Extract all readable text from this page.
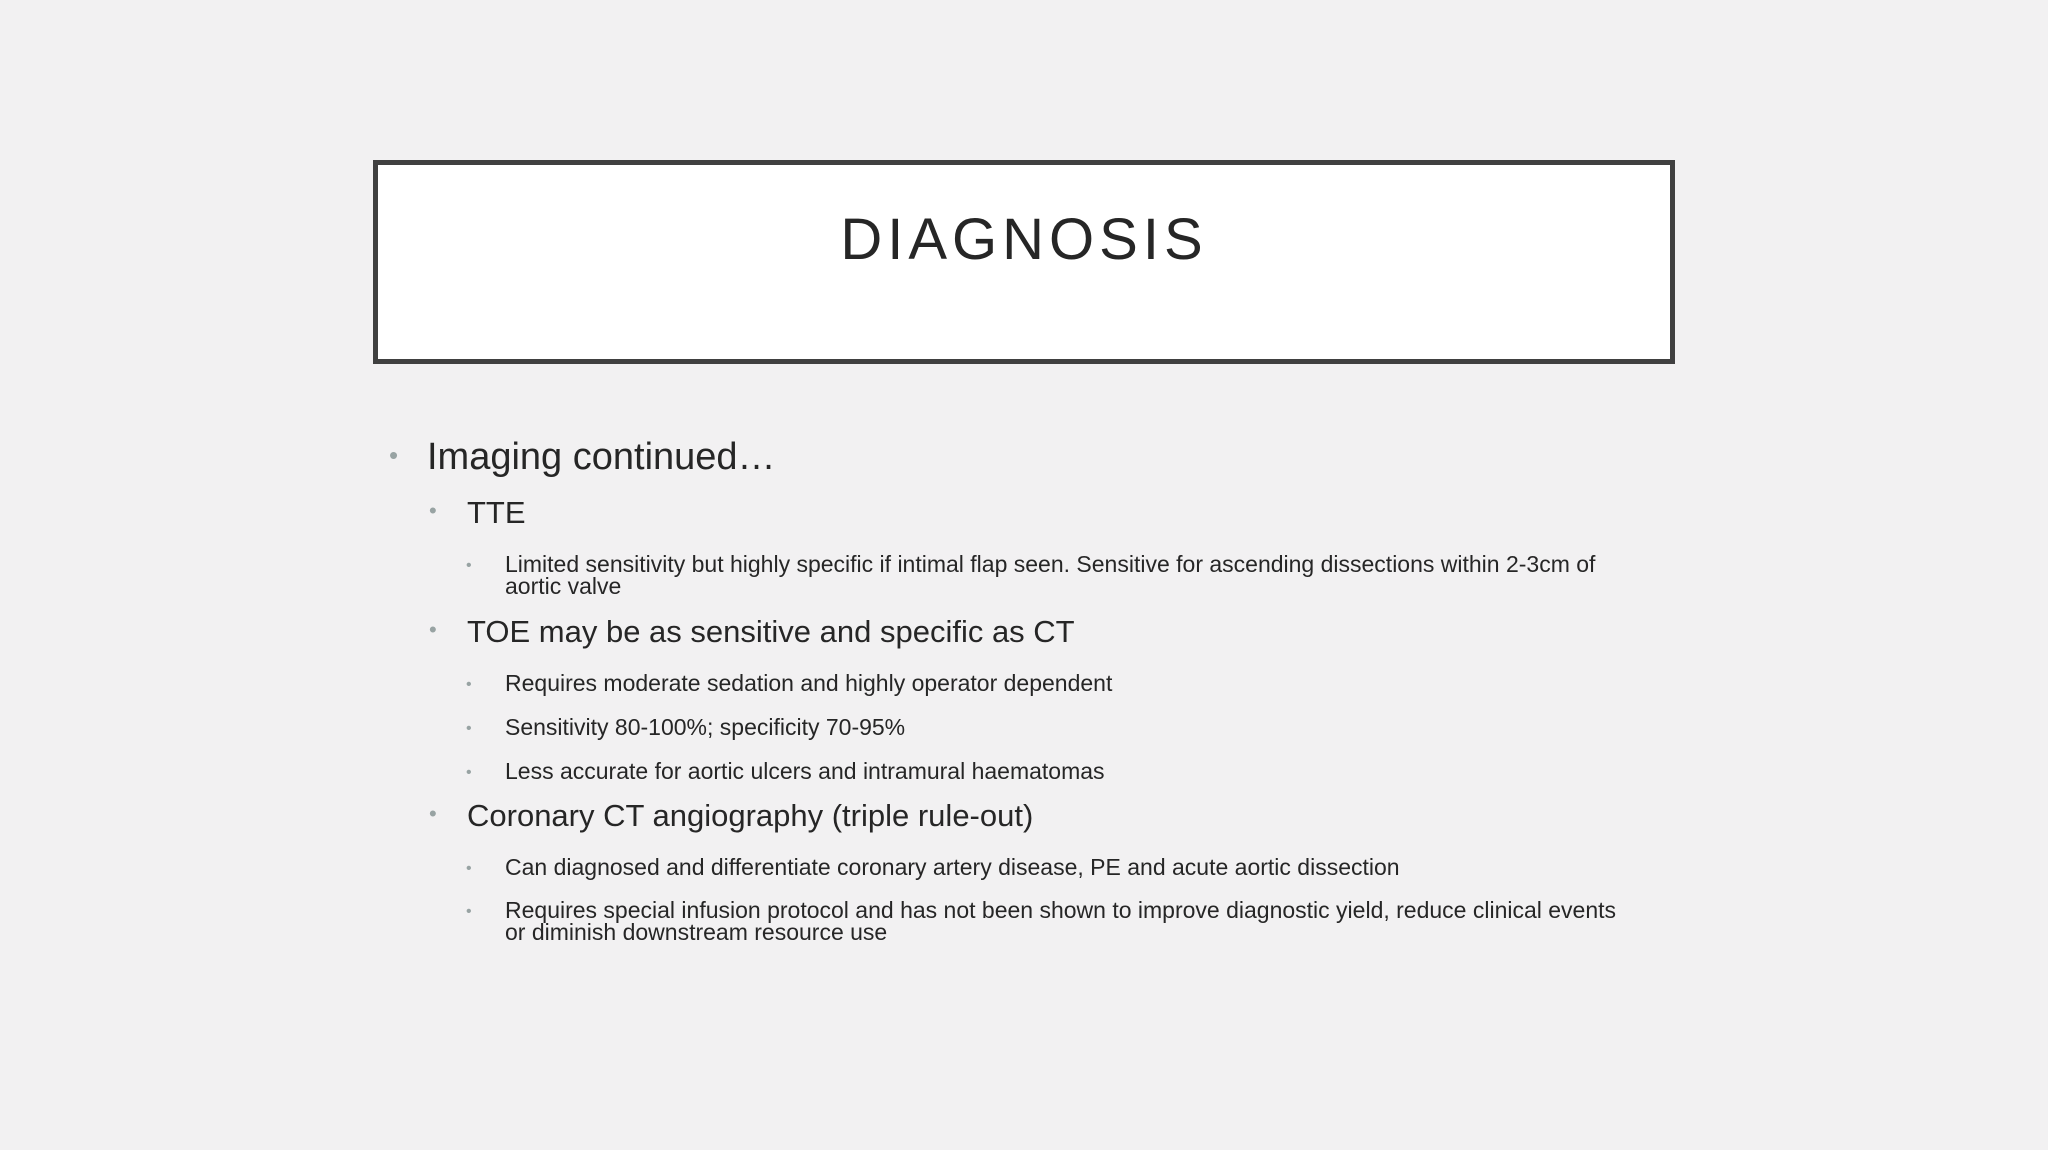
DIAGNOSIS
• Imaging continued…
• TTE
• Limited sensitivity but highly specific if intimal flap seen. Sensitive for ascending dissections within 2-3cm of
aortic valve
• TOE may be as sensitive and specific as CT
• Requires moderate sedation and highly operator dependent
• Sensitivity 80-100%; specificity 70-95%
• Less accurate for aortic ulcers and intramural haematomas
• Coronary CT angiography (triple rule-out)
• Can diagnosed and differentiate coronary artery disease, PE and acute aortic dissection
• Requires special infusion protocol and has not been shown to improve diagnostic yield, reduce clinical events
or diminish downstream resource use
